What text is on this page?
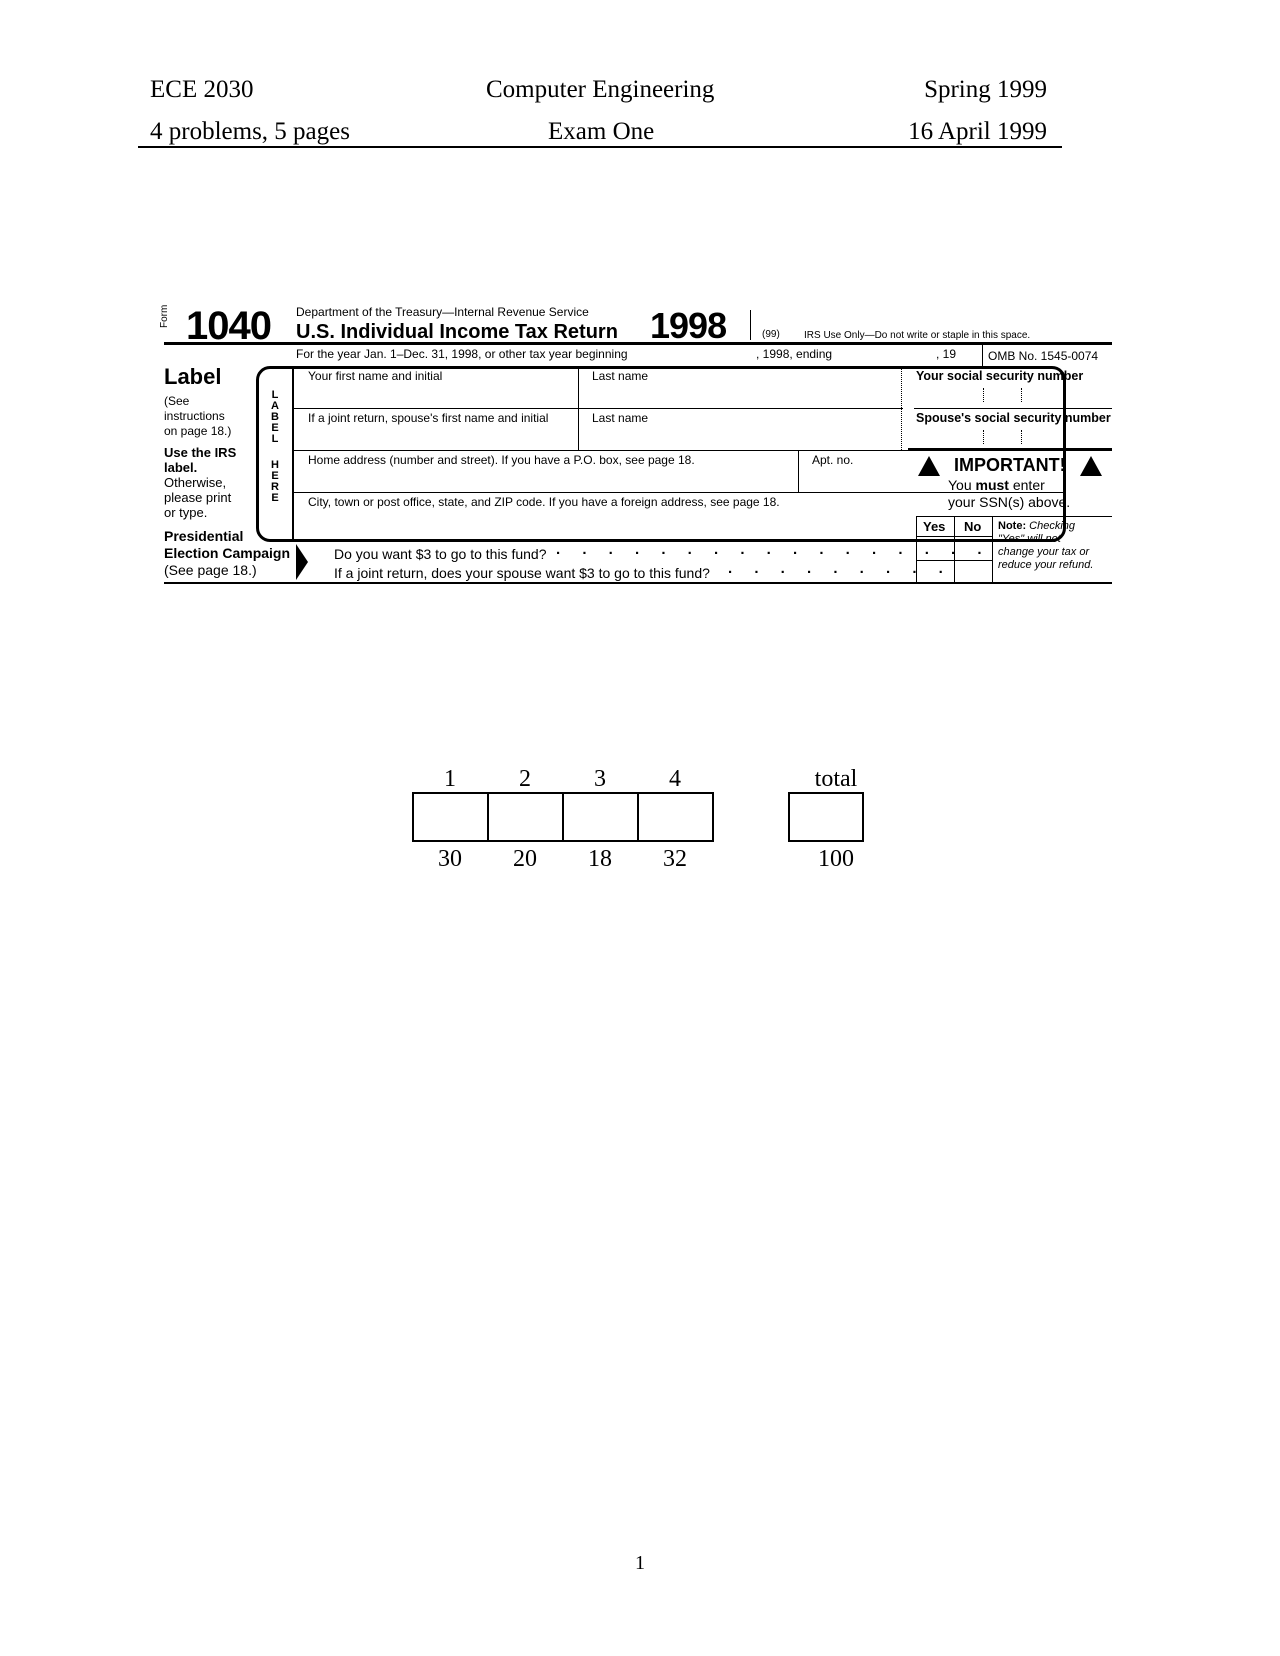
ECE 2030	Computer Engineering	Spring 1999
4 problems, 5 pages	Exam One	16 April 1999
Form 1040 Department of the Treasury—Internal Revenue Service
U.S. Individual Income Tax Return 1998	(99) IRS Use Only—Do not write or staple in this space.
For the year Jan. 1–Dec. 31, 1998, or other tax year beginning	, 1998, ending	, 19	OMB No. 1545-0074
Label
(See
instructions
on page 18.)
Use the IRS
label.
Otherwise,
please print
or type.
Presidential
Election Campaign
(See page 18.)
L
A
B
E
L
H
E
R
E
Your first name and initial	Last name
If a joint return, spouse's first name and initial	Last name
Home address (number and street). If you have a P.O. box, see page 18.	Apt. no.
City, town or post office, state, and ZIP code. If you have a foreign address, see page 18.
Your social security number
Spouse's social security number
IMPORTANT!
You must enter
your SSN(s) above.
Yes No Note: Checking
"Yes" will not
change your tax or
reduce your refund.
Do you want $3 to go to this fund? . . . . . . . . . . . . . . . . .
If a joint return, does your spouse want $3 to go to this fund? . . . . . . . . .
1	2	3	4	total
30	20	18	32	100
1
